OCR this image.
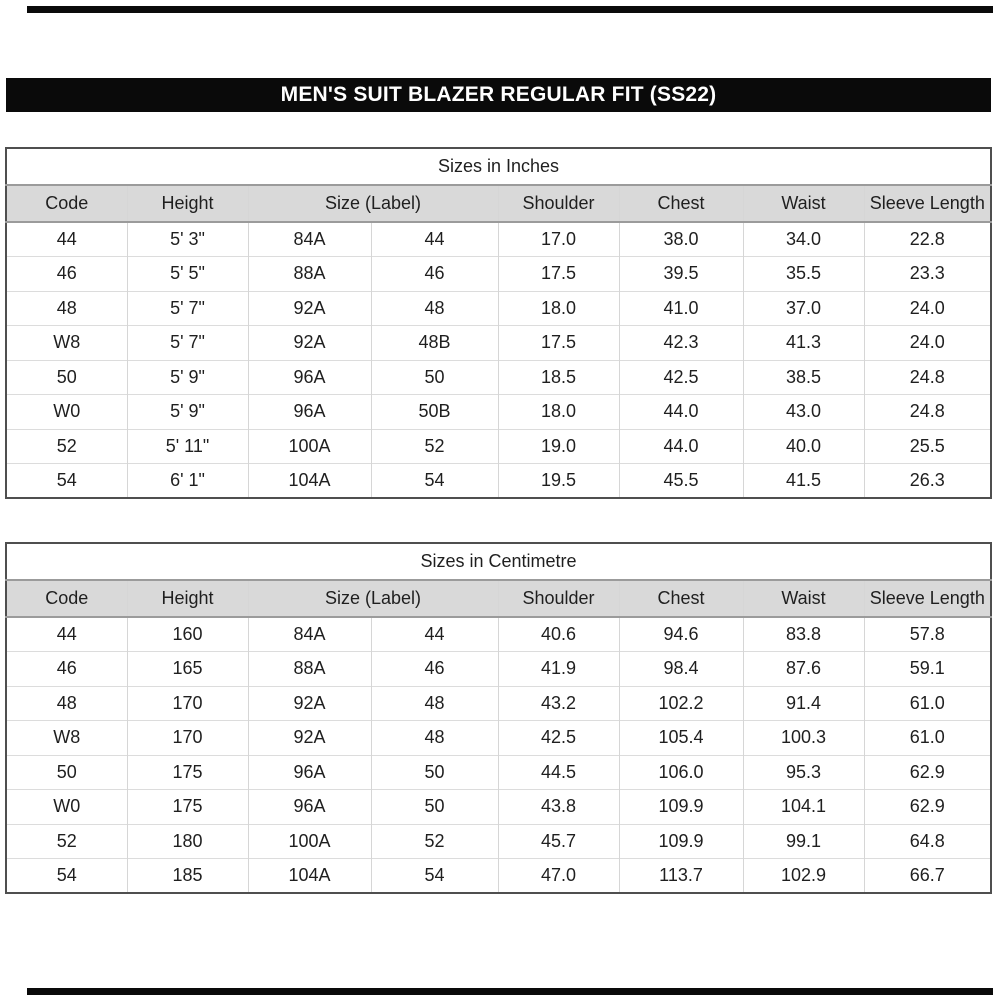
MEN'S SUIT BLAZER REGULAR FIT (SS22)
Sizes in Inches							
Code	Height	Size (Label)		Shoulder	Chest	Waist	Sleeve Length
44	5' 3"	84A	44	17.0	38.0	34.0	22.8
46	5' 5"	88A	46	17.5	39.5	35.5	23.3
48	5' 7"	92A	48	18.0	41.0	37.0	24.0
W8	5' 7"	92A	48B	17.5	42.3	41.3	24.0
50	5' 9"	96A	50	18.5	42.5	38.5	24.8
W0	5' 9"	96A	50B	18.0	44.0	43.0	24.8
52	5' 11"	100A	52	19.0	44.0	40.0	25.5
54	6' 1"	104A	54	19.5	45.5	41.5	26.3
Sizes in Centimetre							
Code	Height	Size (Label)		Shoulder	Chest	Waist	Sleeve Length
44	160	84A	44	40.6	94.6	83.8	57.8
46	165	88A	46	41.9	98.4	87.6	59.1
48	170	92A	48	43.2	102.2	91.4	61.0
W8	170	92A	48	42.5	105.4	100.3	61.0
50	175	96A	50	44.5	106.0	95.3	62.9
W0	175	96A	50	43.8	109.9	104.1	62.9
52	180	100A	52	45.7	109.9	99.1	64.8
54	185	104A	54	47.0	113.7	102.9	66.7
